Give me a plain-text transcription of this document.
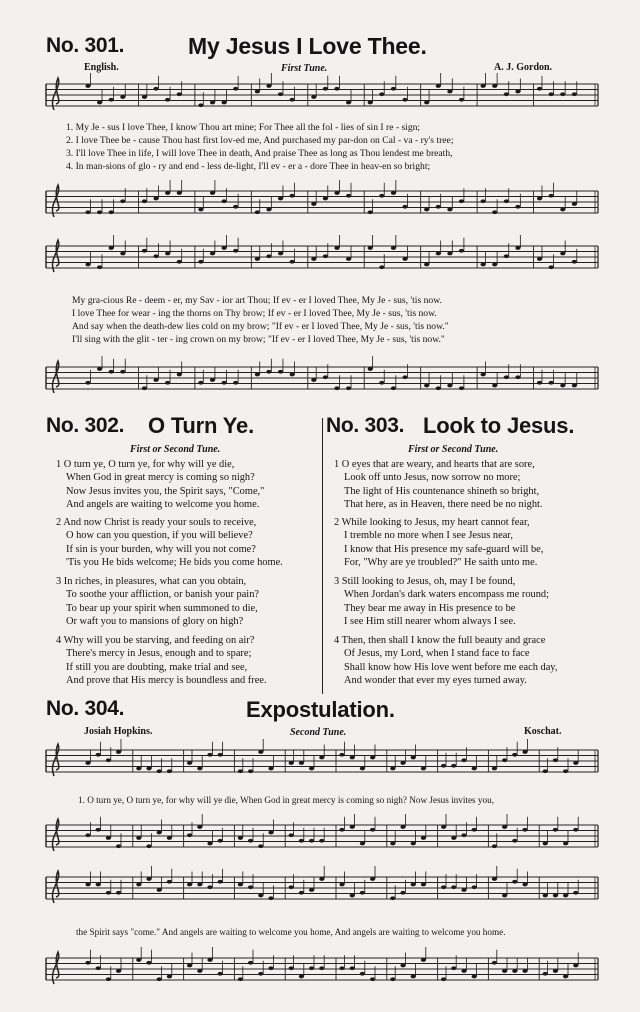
No. 301.	My Jesus I Love Thee.
English.	First Tune.	A. J. Gordon.
1. My Je - sus I love Thee, I know Thou art mine; For Thee all the fol - lies of sin I re - sign;
2. I love Thee be - cause Thou hast first lov-ed me, And purchased my par-don on Cal - va - ry's tree;
3. I'll love Thee in life, I will love Thee in death, And praise Thee as long as Thou lendest me breath,
4. In man-sions of glo - ry and end - less de-light, I'll ev - er a - dore Thee in heav-en so bright;
My gra-cious Re - deem - er, my Sav - ior art Thou; If ev - er I loved Thee, My Je - sus, 'tis now.
I love Thee for wear - ing the thorns on Thy brow; If ev - er I loved Thee, My Je - sus, 'tis now.
And say when the death-dew lies cold on my brow; "If ev - er I loved Thee, My Je - sus, 'tis now."
I'll sing with the glit - ter - ing crown on my brow; "If ev - er I loved Thee, My Je - sus, 'tis now."
No. 302. O Turn Ye.
First or Second Tune.
1 O turn ye, O turn ye, for why will ye die,
When God in great mercy is coming so nigh?
Now Jesus invites you, the Spirit says, "Come,"
And angels are waiting to welcome you home.
2 And now Christ is ready your souls to receive,
O how can you question, if you will believe?
If sin is your burden, why will you not come?
'Tis you He bids welcome; He bids you come home.
3 In riches, in pleasures, what can you obtain,
To soothe your affliction, or banish your pain?
To bear up your spirit when summoned to die,
Or waft you to mansions of glory on high?
4 Why will you be starving, and feeding on air?
There's mercy in Jesus, enough and to spare;
If still you are doubting, make trial and see,
And prove that His mercy is boundless and free.
No. 303. Look to Jesus.
First or Second Tune.
1 O eyes that are weary, and hearts that are sore,
Look off unto Jesus, now sorrow no more;
The light of His countenance shineth so bright,
That here, as in Heaven, there need be no night.
2 While looking to Jesus, my heart cannot fear,
I tremble no more when I see Jesus near,
I know that His presence my safe-guard will be,
For, "Why are ye troubled?" He saith unto me.
3 Still looking to Jesus, oh, may I be found,
When Jordan's dark waters encompass me round;
They bear me away in His presence to be
I see Him still nearer whom always I see.
4 Then, then shall I know the full beauty and grace
Of Jesus, my Lord, when I stand face to face
Shall know how His love went before me each day,
And wonder that ever my eyes turned away.
No. 304.	Expostulation.
Josiah Hopkins.	Second Tune.	Koschat.
1. O turn ye, O turn ye, for why will ye die, When God in great mercy is coming so nigh? Now Jesus invites you,
the Spirit says "come." And angels are waiting to welcome you home, And angels are waiting to welcome you home.
